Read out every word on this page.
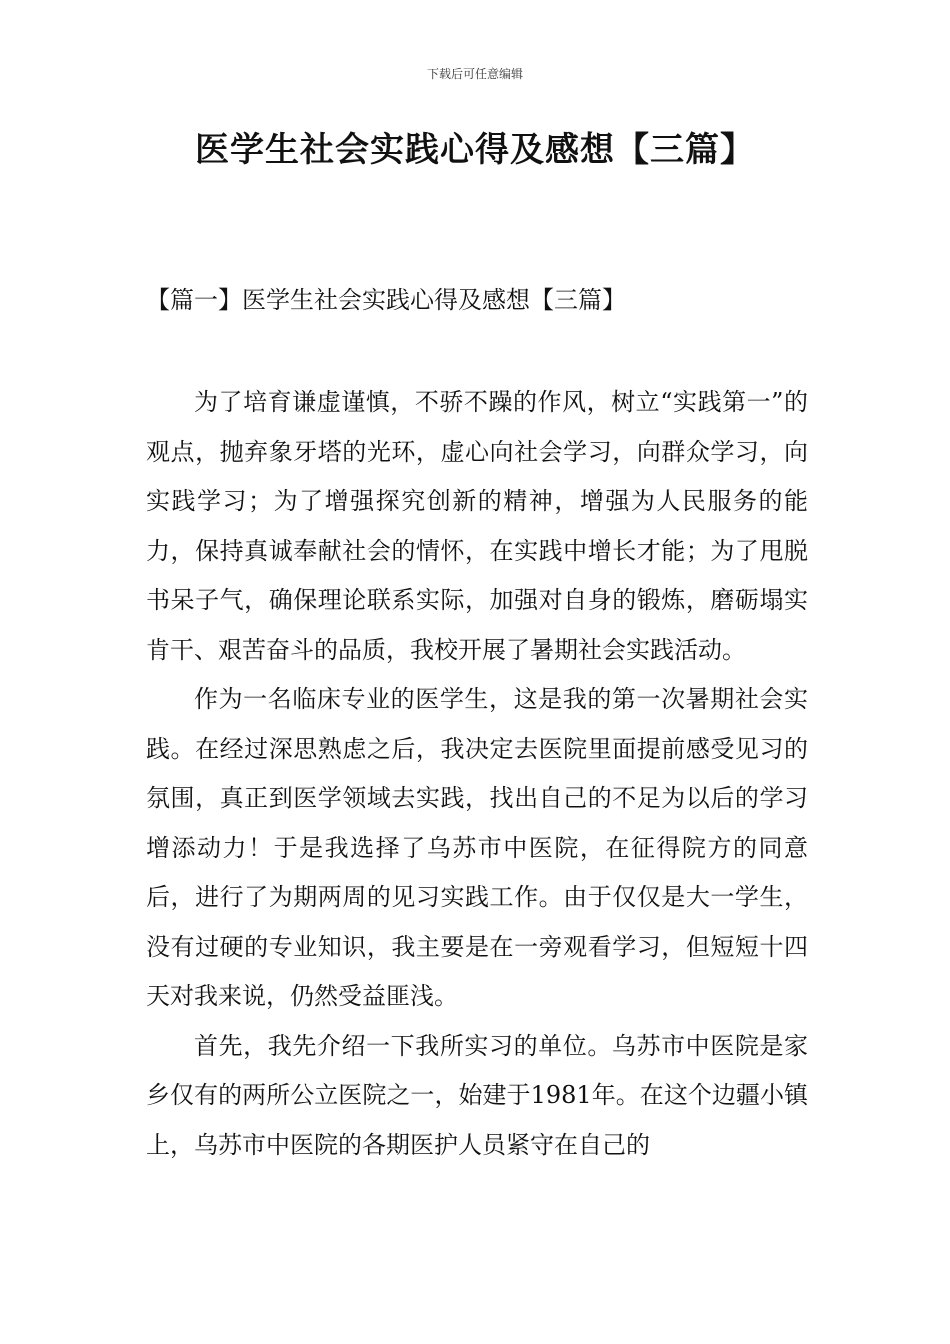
下载后可任意编辑
医学生社会实践心得及感想【三篇】
【篇一】医学生社会实践心得及感想【三篇】

为了培育谦虚谨慎，不骄不躁的作风，树立“实践第一”的观点，抛弃象牙塔的光环，虚心向社会学习，向群众学习，向实践学习；为了增强探究创新的精神，增强为人民服务的能力，保持真诚奉献社会的情怀，在实践中增长才能；为了甩脱书呆子气，确保理论联系实际，加强对自身的锻炼，磨砺塌实肯干、艰苦奋斗的品质，我校开展了暑期社会实践活动。

作为一名临床专业的医学生，这是我的第一次暑期社会实践。在经过深思熟虑之后，我决定去医院里面提前感受见习的氛围，真正到医学领域去实践，找出自己的不足为以后的学习增添动力！于是我选择了乌苏市中医院，在征得院方的同意后，进行了为期两周的见习实践工作。由于仅仅是大一学生，没有过硬的专业知识，我主要是在一旁观看学习，但短短十四天对我来说，仍然受益匪浅。

首先，我先介绍一下我所实习的单位。乌苏市中医院是家乡仅有的两所公立医院之一，始建于1981年。在这个边疆小镇上，乌苏市中医院的各期医护人员紧守在自己的
